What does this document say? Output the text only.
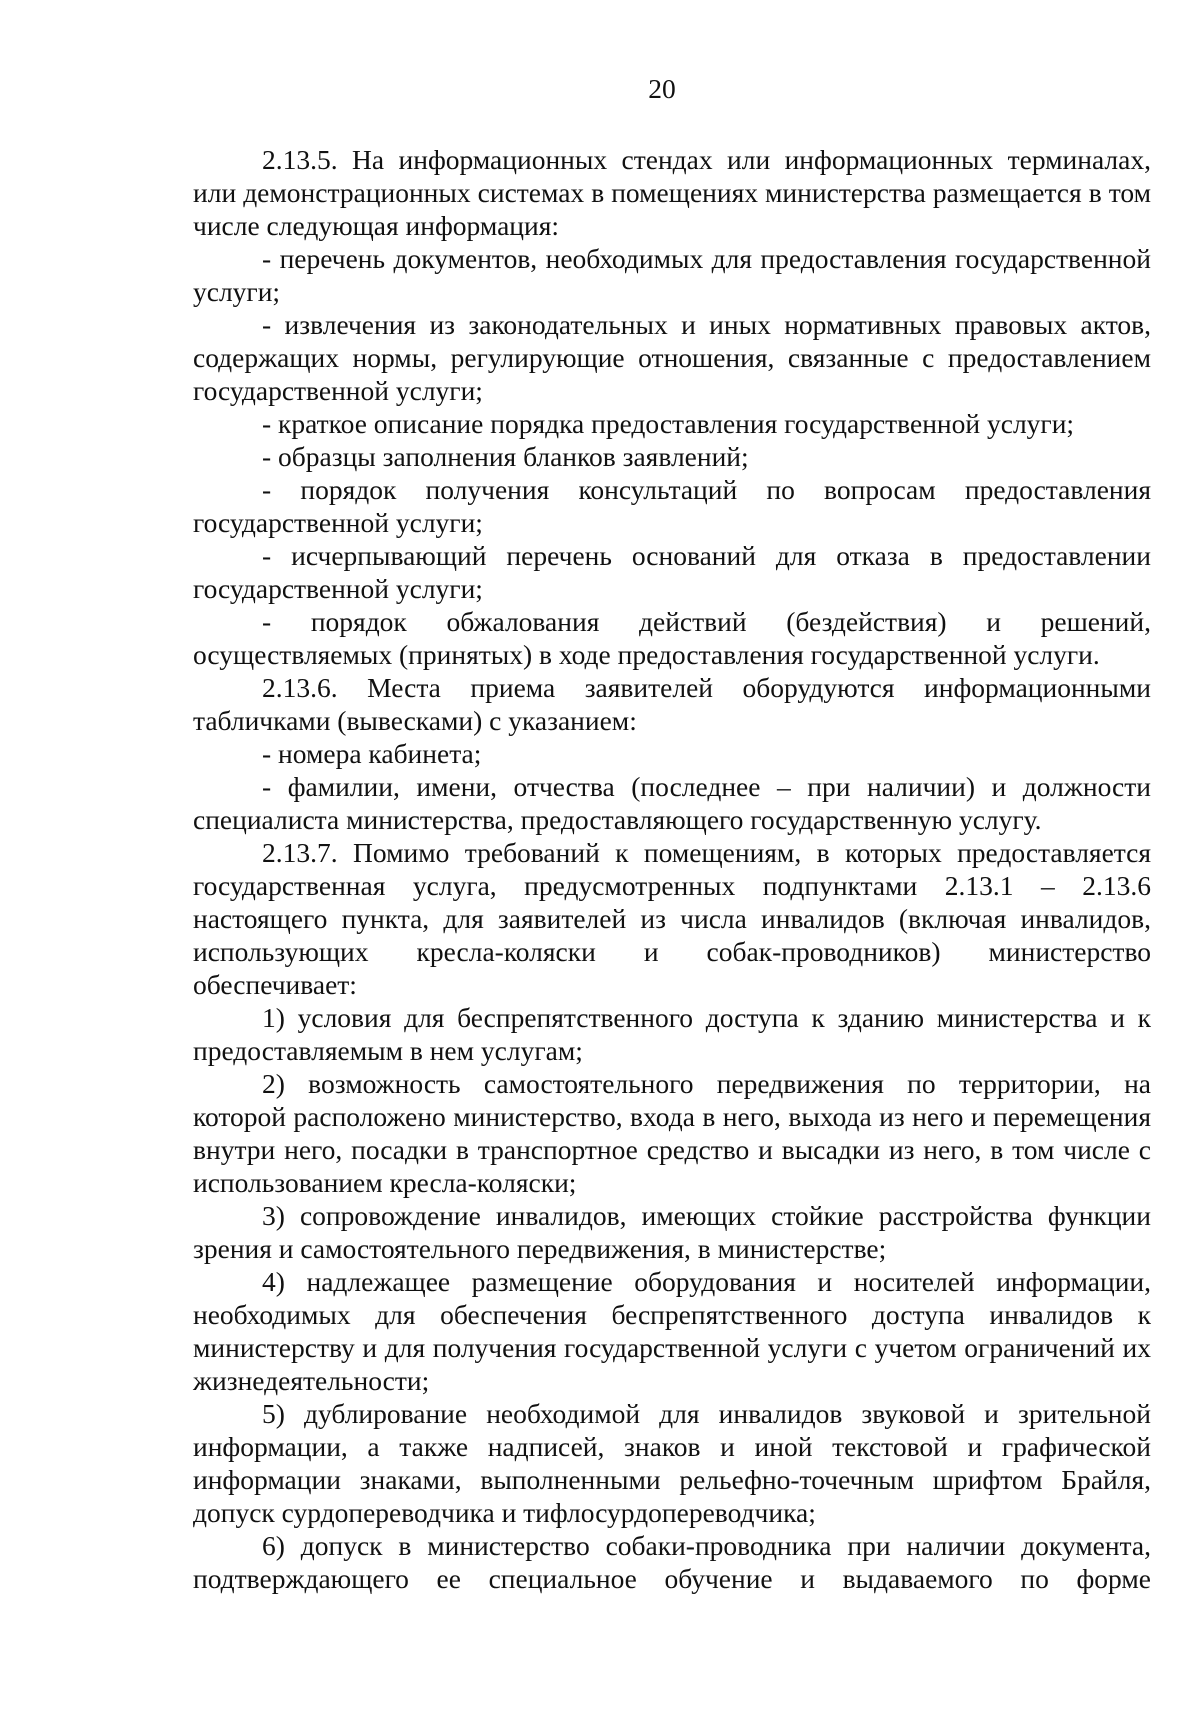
20

2.13.5. На информационных стендах или информационных терминалах, или демонстрационных системах в помещениях министерства размещается в том числе следующая информация:

- перечень документов, необходимых для предоставления государственной услуги;

- извлечения из законодательных и иных нормативных правовых актов, содержащих нормы, регулирующие отношения, связанные с предоставлением государственной услуги;

- краткое описание порядка предоставления государственной услуги;

- образцы заполнения бланков заявлений;

- порядок получения консультаций по вопросам предоставления государственной услуги;

- исчерпывающий перечень оснований для отказа в предоставлении государственной услуги;

- порядок обжалования действий (бездействия) и решений, осуществляемых (принятых) в ходе предоставления государственной услуги.

2.13.6. Места приема заявителей оборудуются информационными табличками (вывесками) с указанием:

- номера кабинета;

- фамилии, имени, отчества (последнее – при наличии) и должности специалиста министерства, предоставляющего государственную услугу.

2.13.7. Помимо требований к помещениям, в которых предоставляется государственная услуга, предусмотренных подпунктами 2.13.1 – 2.13.6 настоящего пункта, для заявителей из числа инвалидов (включая инвалидов, использующих кресла-коляски и собак-проводников) министерство обеспечивает:

1) условия для беспрепятственного доступа к зданию министерства и к предоставляемым в нем услугам;

2) возможность самостоятельного передвижения по территории, на которой расположено министерство, входа в него, выхода из него и перемещения внутри него, посадки в транспортное средство и высадки из него, в том числе с использованием кресла-коляски;

3) сопровождение инвалидов, имеющих стойкие расстройства функции зрения и самостоятельного передвижения, в министерстве;

4) надлежащее размещение оборудования и носителей информации, необходимых для обеспечения беспрепятственного доступа инвалидов к министерству и для получения государственной услуги с учетом ограничений их жизнедеятельности;

5) дублирование необходимой для инвалидов звуковой и зрительной информации, а также надписей, знаков и иной текстовой и графической информации знаками, выполненными рельефно-точечным шрифтом Брайля, допуск сурдопереводчика и тифлосурдопереводчика;

6) допуск в министерство собаки-проводника при наличии документа, подтверждающего ее специальное обучение и выдаваемого по форме
